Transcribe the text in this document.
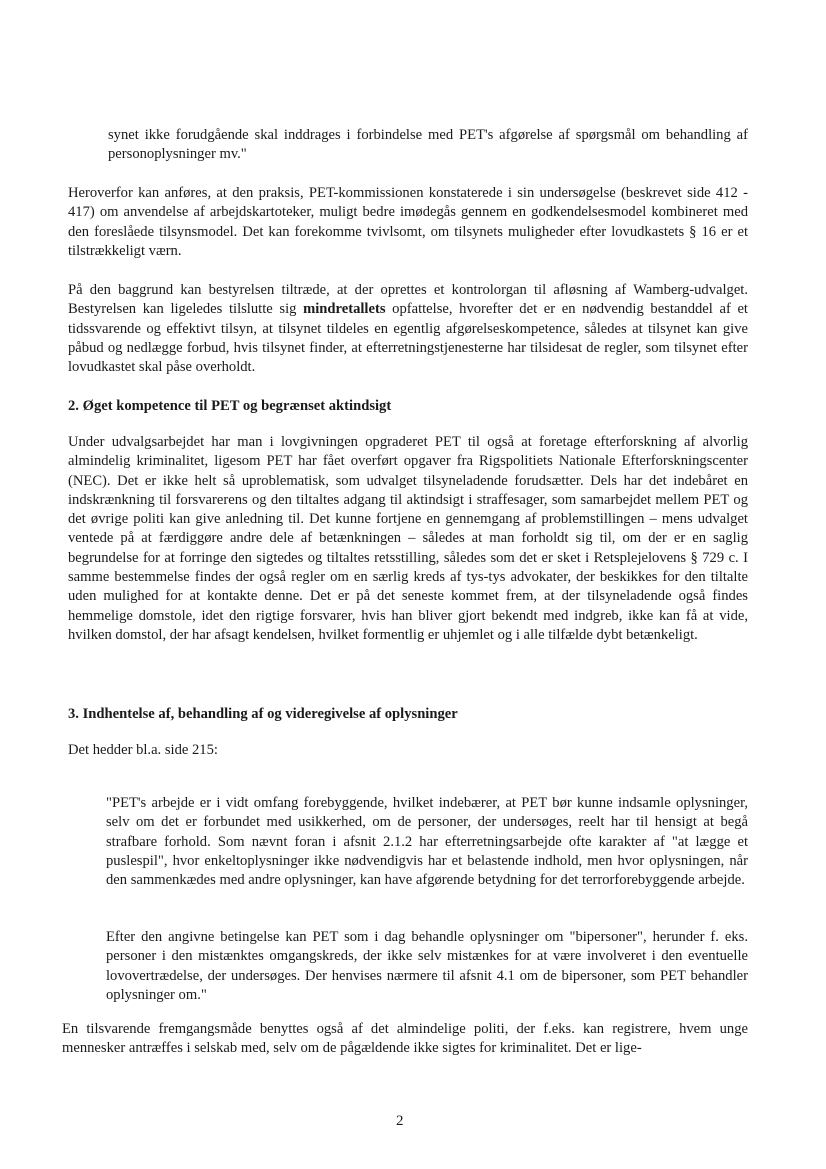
synet ikke forudgående skal inddrages i forbindelse med PET's afgørelse af spørgsmål om behandling af personoplysninger mv."

Heroverfor kan anføres, at den praksis, PET-kommissionen konstaterede i sin undersøgelse (beskrevet side 412 - 417) om anvendelse af arbejdskartoteker, muligt bedre imødegås gennem en godkendelsesmodel kombineret med den foreslåede tilsynsmodel. Det kan forekomme tvivlsomt, om tilsynets muligheder efter lovudkastets § 16 er et tilstrækkeligt værn.

På den baggrund kan bestyrelsen tiltræde, at der oprettes et kontrolorgan til afløsning af Wamberg-udvalget. Bestyrelsen kan ligeledes tilslutte sig mindretallets opfattelse, hvorefter det er en nødvendig bestanddel af et tidssvarende og effektivt tilsyn, at tilsynet tildeles en egentlig afgørelseskompetence, således at tilsynet kan give påbud og nedlægge forbud, hvis tilsynet finder, at efterretningstjenesterne har tilsidesat de regler, som tilsynet efter lovudkastet skal påse overholdt.

2. Øget kompetence til PET og begrænset aktindsigt

Under udvalgsarbejdet har man i lovgivningen opgraderet PET til også at foretage efterforskning af alvorlig almindelig kriminalitet, ligesom PET har fået overført opgaver fra Rigspolitiets Nationale Efterforskningscenter (NEC). Det er ikke helt så uproblematisk, som udvalget tilsyneladende forudsætter. Dels har det indebåret en indskrænkning til forsvarerens og den tiltaltes adgang til aktindsigt i straffesager, som samarbejdet mellem PET og det øvrige politi kan give anledning til. Det kunne fortjene en gennemgang af problemstillingen – mens udvalget ventede på at færdiggøre andre dele af betænkningen – således at man forholdt sig til, om der er en saglig begrundelse for at forringe den sigtedes og tiltaltes retsstilling, således som det er sket i Retsplejelovens § 729 c. I samme bestemmelse findes der også regler om en særlig kreds af tys-tys advokater, der beskikkes for den tiltalte uden mulighed for at kontakte denne. Det er på det seneste kommet frem, at der tilsyneladende også findes hemmelige domstole, idet den rigtige forsvarer, hvis han bliver gjort bekendt med indgreb, ikke kan få at vide, hvilken domstol, der har afsagt kendelsen, hvilket formentlig er uhjemlet og i alle tilfælde dybt betænkeligt.

3. Indhentelse af, behandling af og videregivelse af oplysninger

Det hedder bl.a. side 215:

"PET's arbejde er i vidt omfang forebyggende, hvilket indebærer, at PET bør kunne indsamle oplysninger, selv om det er forbundet med usikkerhed, om de personer, der undersøges, reelt har til hensigt at begå strafbare forhold. Som nævnt foran i afsnit 2.1.2 har efterretningsarbejde ofte karakter af "at lægge et puslespil", hvor enkeltoplysninger ikke nødvendigvis har et belastende indhold, men hvor oplysningen, når den sammenkædes med andre oplysninger, kan have afgørende betydning for det terrorforebyggende arbejde.

Efter den angivne betingelse kan PET som i dag behandle oplysninger om "bipersoner", herunder f. eks. personer i den mistænktes omgangskreds, der ikke selv mistænkes for at være involveret i den eventuelle lovovertrædelse, der undersøges. Der henvises nærmere til afsnit 4.1 om de bipersoner, som PET behandler oplysninger om."

En tilsvarende fremgangsmåde benyttes også af det almindelige politi, der f.eks. kan registrere, hvem unge mennesker antræffes i selskab med, selv om de pågældende ikke sigtes for kriminalitet. Det er lige-

2
